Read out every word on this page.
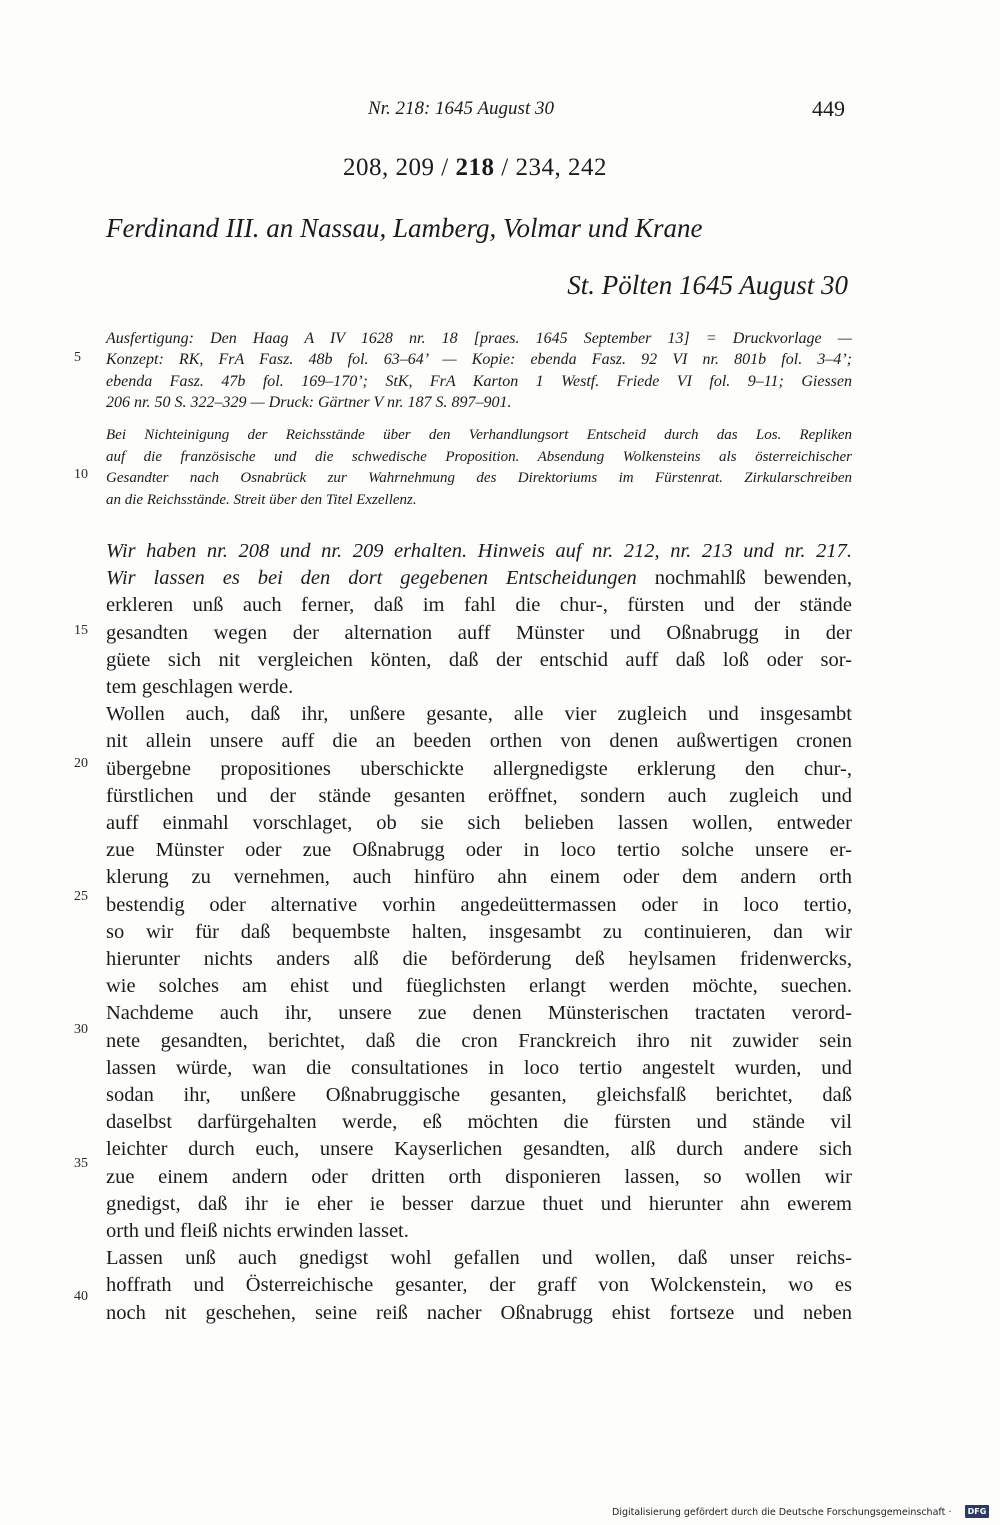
Nr. 218: 1645 August 30	449
208, 209 / 218 / 234, 242
Ferdinand III. an Nassau, Lamberg, Volmar und Krane
St. Pölten 1645 August 30
5
10
15
20
25
30
35
40
Ausfertigung: Den Haag A IV 1628 nr. 18 [praes. 1645 September 13] = Druckvorlage —
Konzept: RK, FrA Fasz. 48b fol. 63–64’ — Kopie: ebenda Fasz. 92 VI nr. 801b fol. 3–4’;
ebenda Fasz. 47b fol. 169–170’; StK, FrA Karton 1 Westf. Friede VI fol. 9–11; Giessen
206 nr. 50 S. 322–329 — Druck: Gärtner V nr. 187 S. 897–901.
Bei Nichteinigung der Reichsstände über den Verhandlungsort Entscheid durch das Los. Repliken
auf die französische und die schwedische Proposition. Absendung Wolkensteins als österreichischer
Gesandter nach Osnabrück zur Wahrnehmung des Direktoriums im Fürstenrat. Zirkularschreiben
an die Reichsstände. Streit über den Titel Exzellenz.
Wir haben nr. 208 und nr. 209 erhalten. Hinweis auf nr. 212, nr. 213 und nr. 217.
Wir lassen es bei den dort gegebenen Entscheidungen nochmahlß bewenden,
erkleren unß auch ferner, daß im fahl die chur-, fürsten und der stände
gesandten wegen der alternation auff Münster und Oßnabrugg in der
güete sich nit vergleichen könten, daß der entschid auff daß loß oder sor-
tem geschlagen werde.
Wollen auch, daß ihr, unßere gesante, alle vier zugleich und insgesambt
nit allein unsere auff die an beeden orthen von denen außwertigen cronen
übergebne propositiones uberschickte allergnedigste erklerung den chur-,
fürstlichen und der stände gesanten eröffnet, sondern auch zugleich und
auff einmahl vorschlaget, ob sie sich belieben lassen wollen, entweder
zue Münster oder zue Oßnabrugg oder in loco tertio solche unsere er-
klerung zu vernehmen, auch hinfüro ahn einem oder dem andern orth
bestendig oder alternative vorhin angedeüttermassen oder in loco tertio,
so wir für daß bequembste halten, insgesambt zu continuieren, dan wir
hierunter nichts anders alß die beförderung deß heylsamen fridenwercks,
wie solches am ehist und füeglichsten erlangt werden möchte, suechen.
Nachdeme auch ihr, unsere zue denen Münsterischen tractaten verord-
nete gesandten, berichtet, daß die cron Franckreich ihro nit zuwider sein
lassen würde, wan die consultationes in loco tertio angestelt wurden, und
sodan ihr, unßere Oßnabruggische gesanten, gleichsfalß berichtet, daß
daselbst darfürgehalten werde, eß möchten die fürsten und stände vil
leichter durch euch, unsere Kayserlichen gesandten, alß durch andere sich
zue einem andern oder dritten orth disponieren lassen, so wollen wir
gnedigst, daß ihr ie eher ie besser darzue thuet und hierunter ahn ewerem
orth und fleiß nichts erwinden lasset.
Lassen unß auch gnedigst wohl gefallen und wollen, daß unser reichs-
hoffrath und Österreichische gesanter, der graff von Wolckenstein, wo es
noch nit geschehen, seine reiß nacher Oßnabrugg ehist fortseze und neben
Digitalisierung gefördert durch die Deutsche Forschungsgemeinschaft ·	DFG
